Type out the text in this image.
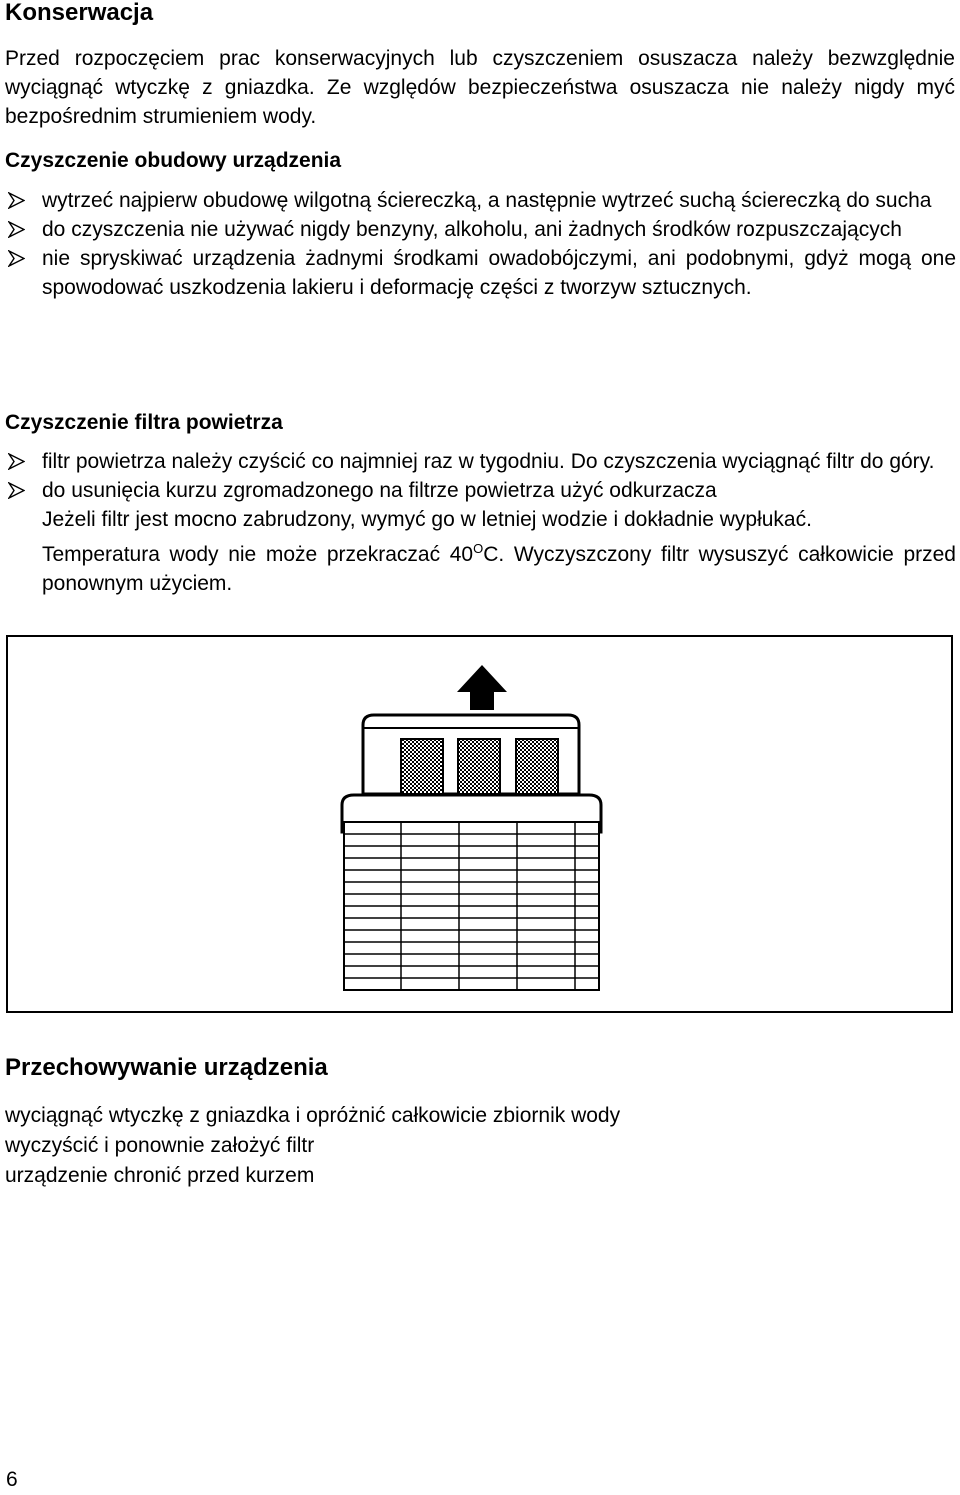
Konserwacja

Przed rozpoczęciem prac konserwacyjnych lub czyszczeniem osuszacza należy bezwzględnie wyciągnąć wtyczkę z gniazdka. Ze względów bezpieczeństwa osuszacza nie należy nigdy myć bezpośrednim strumieniem wody.

Czyszczenie obudowy urządzenia
wytrzeć najpierw obudowę wilgotną ściereczką, a następnie wytrzeć suchą ściereczką do sucha
do czyszczenia nie używać nigdy benzyny, alkoholu, ani żadnych środków rozpuszczających
nie spryskiwać urządzenia żadnymi środkami owadobójczymi, ani podobnymi, gdyż mogą one spowodować uszkodzenia lakieru i deformację części z tworzyw sztucznych.
Czyszczenie filtra powietrza
filtr powietrza należy czyścić co najmniej raz w tygodniu. Do czyszczenia wyciągnąć filtr do góry.
do usunięcia kurzu zgromadzonego na filtrze powietrza użyć odkurzacza
Jeżeli filtr jest mocno zabrudzony, wymyć go w letniej wodzie i dokładnie wypłukać.
Temperatura wody nie może przekraczać $40^OC$. Wyczyszczony filtr wysuszyć całkowicie przed ponownym użyciem.
Przechowywanie urządzenia
wyciągnąć wtyczkę z gniazdka i opróżnić całkowicie zbiornik wody
wyczyścić i ponownie założyć filtr
urządzenie chronić przed kurzem
6
